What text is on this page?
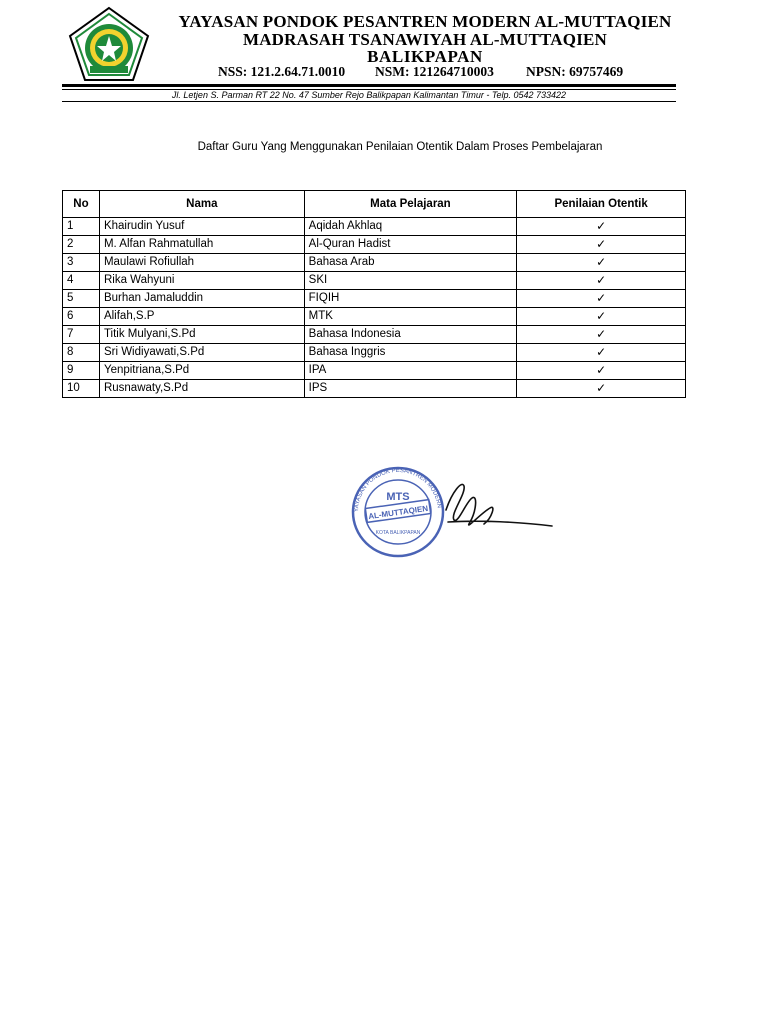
YAYASAN PONDOK PESANTREN MODERN AL-MUTTAQIEN
MADRASAH TSANAWIYAH AL-MUTTAQIEN
BALIKPAPAN
NSS: 121.2.64.71.0010 NSM: 121264710003 NPSN: 69757469
Jl. Letjen S. Parman RT 22 No. 47 Sumber Rejo Balikpapan Kalimantan Timur - Telp. 0542 733422
Daftar Guru Yang Menggunakan Penilaian Otentik Dalam Proses Pembelajaran
No	Nama	Mata Pelajaran	Penilaian Otentik
1	Khairudin Yusuf	Aqidah Akhlaq	✓
2	M. Alfan Rahmatullah	Al-Quran Hadist	✓
3	Maulawi Rofiullah	Bahasa Arab	✓
4	Rika Wahyuni	SKI	✓
5	Burhan Jamaluddin	FIQIH	✓
6	Alifah,S.P	MTK	✓
7	Titik Mulyani,S.Pd	Bahasa Indonesia	✓
8	Sri Widiyawati,S.Pd	Bahasa Inggris	✓
9	Yenpitriana,S.Pd	IPA	✓
10	Rusnawaty,S.Pd	IPS	✓
YAYASAN PONDOK PESANTREN MODERN
MTS
AL-MUTTAQIEN
KOTA BALIKPAPAN
